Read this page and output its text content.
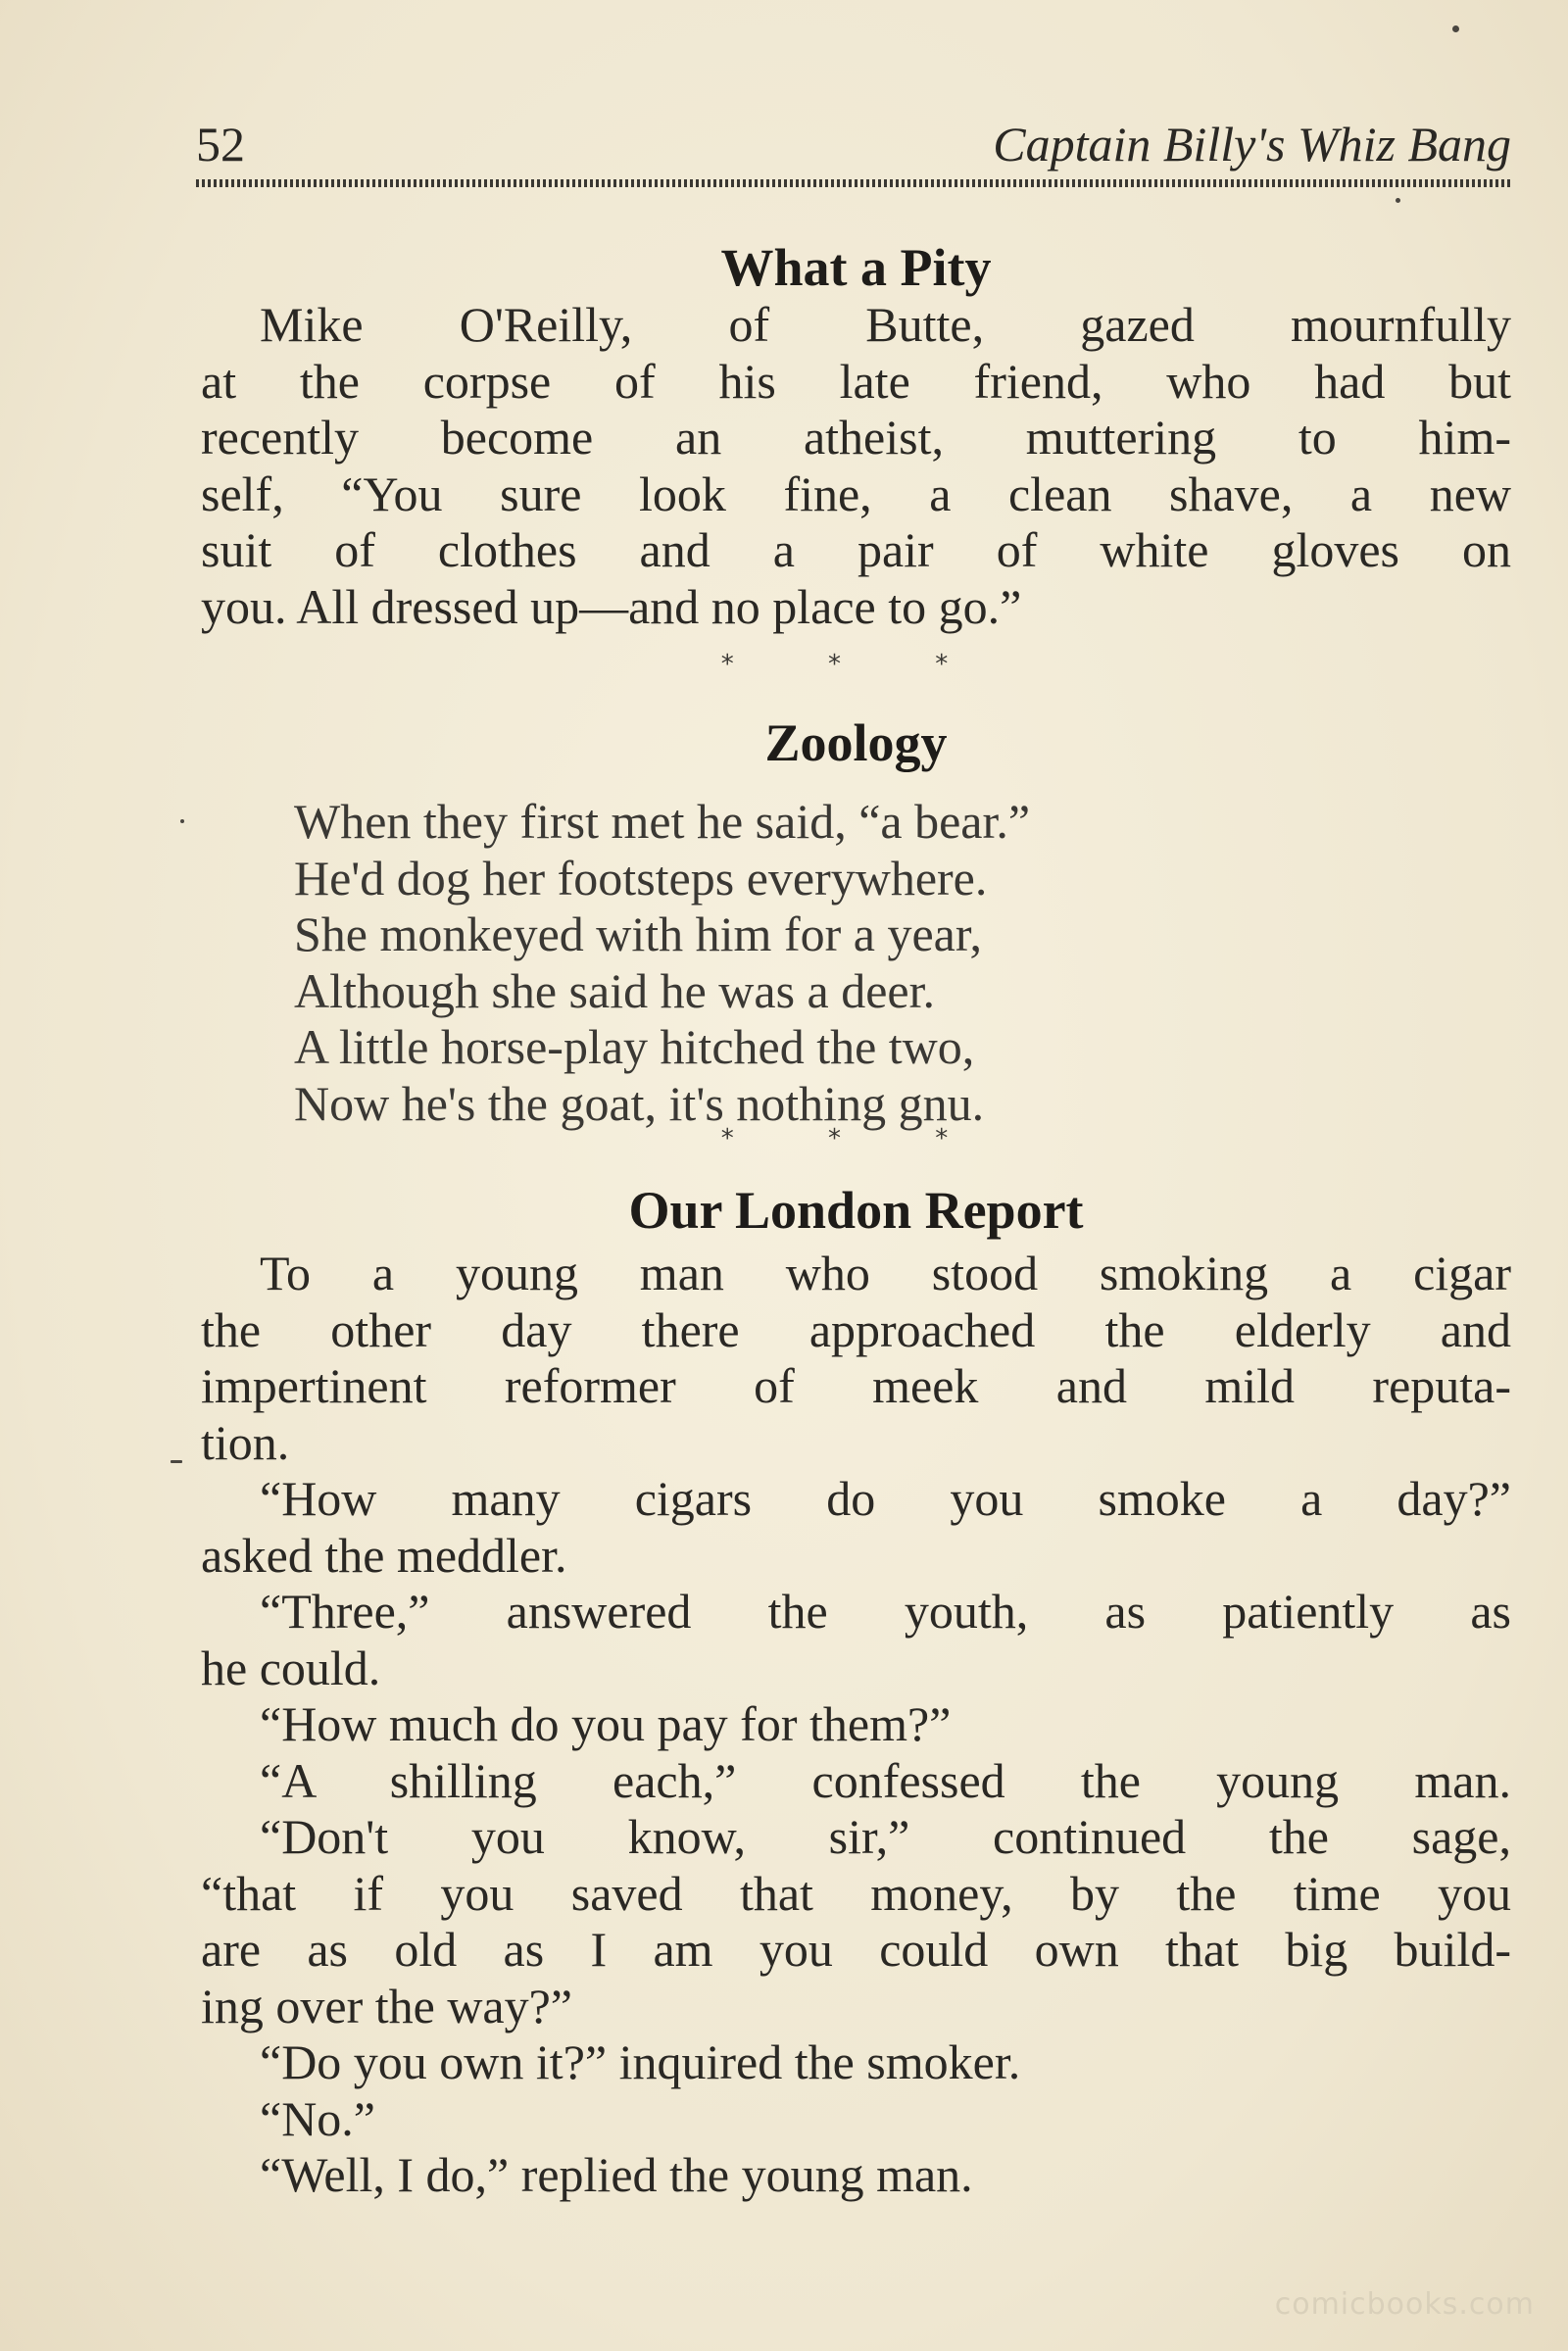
52	Captain Billy's Whiz Bang
What a Pity

Mike O'Reilly, of Butte, gazed mournfully

at the corpse of his late friend, who had but

recently become an atheist, muttering to him-

self, “You sure look fine, a clean shave, a new

suit of clothes and a pair of white gloves on

you. All dressed up—and no place to go.”

* * *
Zoology

When they first met he said, “a bear.”

He'd dog her footsteps everywhere.

She monkeyed with him for a year,

Although she said he was a deer.

A little horse-play hitched the two,

Now he's the goat, it's nothing gnu.

* * *
Our London Report

To a young man who stood smoking a cigar

the other day there approached the elderly and

impertinent reformer of meek and mild reputa-

tion.

“How many cigars do you smoke a day?”

asked the meddler.

“Three,” answered the youth, as patiently as

he could.

“How much do you pay for them?”

“A shilling each,” confessed the young man.

“Don't you know, sir,” continued the sage,

“that if you saved that money, by the time you

are as old as I am you could own that big build-

ing over the way?”

“Do you own it?” inquired the smoker.

“No.”

“Well, I do,” replied the young man.

comicbooks.com
